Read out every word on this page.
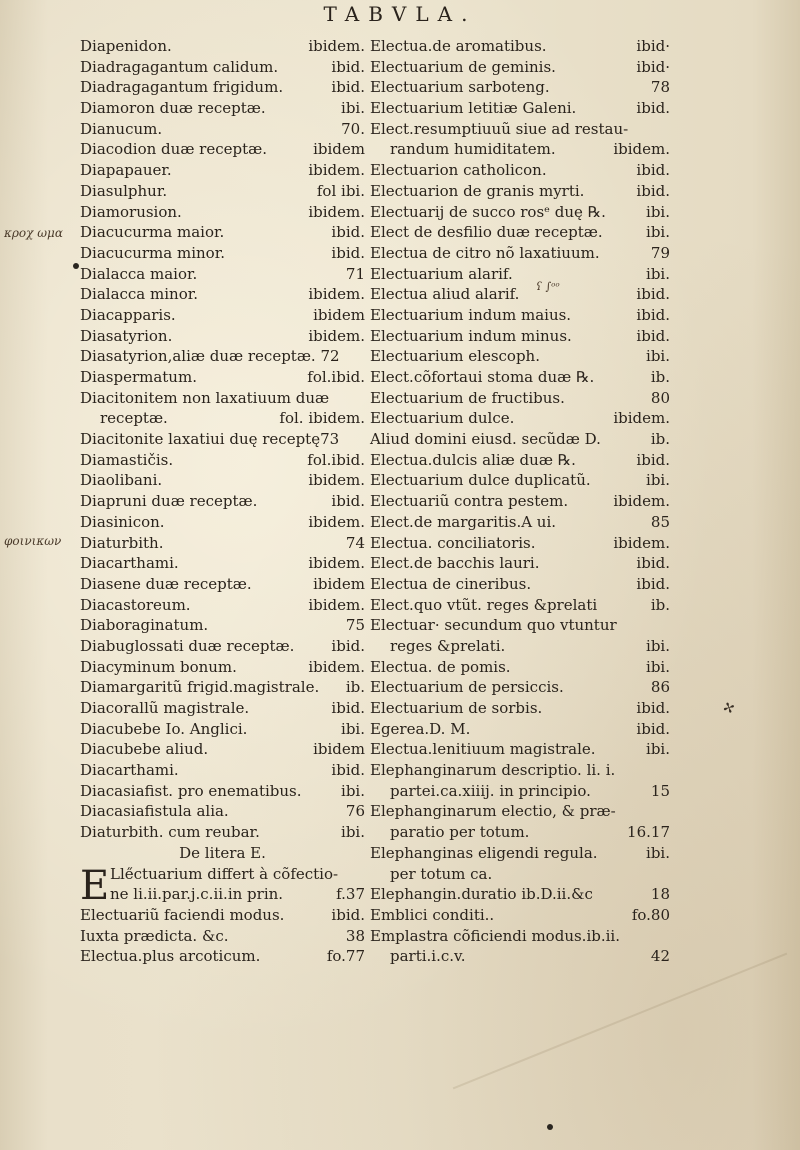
TABVLA.
Diapenidon.	ibidem.
Diadragagantum calidum.	ibid.
Diadragagantum frigidum.	ibid.
Diamoron duæ receptæ.	ibi.
Dianucum.	70.
Diacodion duæ receptæ.	ibidem
Diapapauer.	ibidem.
Diasulphur.	fol ibi.
Diamorusion.	ibidem.
Diacucurma maior.	ibid.
Diacucurma minor.	ibid.
Dialacca maior.	71
Dialacca minor.	ibidem.
Diacapparis.	ibidem
Diasatyrion.	ibidem.
Diasatyrion,aliæ duæ receptæ. 72
Diaspermatum.	fol.ibid.
Diacitonitem non laxatiuum duæ
receptæ.	fol. ibidem.
Diacitonite laxatiui duę receptę73
Diamastičis.	fol.ibid.
Diaolibani.	ibidem.
Diapruni duæ receptæ.	ibid.
Diasinicon.	ibidem.
Diaturbith.	74
Diacarthami.	ibidem.
Diasene duæ receptæ.	ibidem
Diacastoreum.	ibidem.
Diaboraginatum.	75
Diabuglossati duæ receptæ. ibid.
Diacyminum bonum.	ibidem.
Diamargaritũ frigid.magistrale. ib.
Diacorallũ magistrale.	ibid.
Diacubebe Io. Anglici.	ibi.
Diacubebe aliud.	ibidem
Diacarthami.	ibid.
Diacasiafist. pro enematibus.	ibi.
Diacasiafistula alia.	76
Diaturbith. cum reubar.	ibi.
De litera E.
E Lle̋ctuarium differt à cõfectio-
ne li.ii.par.j.c.ii.in prin.	f.37
Electuariũ faciendi modus.	ibid.
Iuxta prædicta. &c.	38
Electua.plus arcoticum.	fo.77
Electua.de aromatibus.	ibid·
Electuarium de geminis.	ibid·
Electuarium sarboteng.	78
Electuarium letitiæ Galeni.	ibid.
Elect.resumptiuuũ siue ad restau-
randum humiditatem.	ibidem.
Electuarion catholicon.	ibid.
Electuarion de granis myrti.	ibid.
Electuarij de succo rosᵉ duę ℞.	ibi.
Elect de desfilio duæ receptæ.	ibi.
Electua de citro nõ laxatiuum.	79
Electuarium alarif.	ibi.
Electua aliud alarif.	ibid.
Electuarium indum maius.	ibid.
Electuarium indum minus.	ibid.
Electuarium elescoph.	ibi.
Elect.cõfortaui stoma duæ ℞.	ib.
Electuarium de fructibus.	80
Electuarium dulce.	ibidem.
Aliud domini eiusd. secũdæ D.	ib.
Electua.dulcis aliæ duæ ℞.	ibid.
Electuarium dulce duplicatũ.	ibi.
Electuariũ contra pestem.	ibidem.
Elect.de margaritis.A ui.	85
Electua. conciliatoris.	ibidem.
Elect.de bacchis lauri.	ibid.
Electua de cineribus.	ibid.
Elect.quo vtũt. reges &prelati	ib.
Electuar· secundum quo vtuntur
reges &prelati.	ibi.
Electua. de pomis.	ibi.
Electuarium de persiccis.	86
Electuarium de sorbis.	ibid.
Egerea.D. M.	ibid.
Electua.lenitiuum magistrale.	ibi.
Elephanginarum descriptio. li. i.
partei.ca.xiiij. in principio.	15
Elephanginarum electio, & præ-
paratio per totum.	16.17
Elephanginas eligendi regula.	ibi.
per totum ca.
Elephangin.duratio ib.D.ii.&c	18
Emblici conditi..	fo.80
Emplastra cõficiendi modus.ib.ii.
parti.i.c.v.	42
κρoχ ωμα
φοινικων
ʕ ∫ᵒᵒ
✢
